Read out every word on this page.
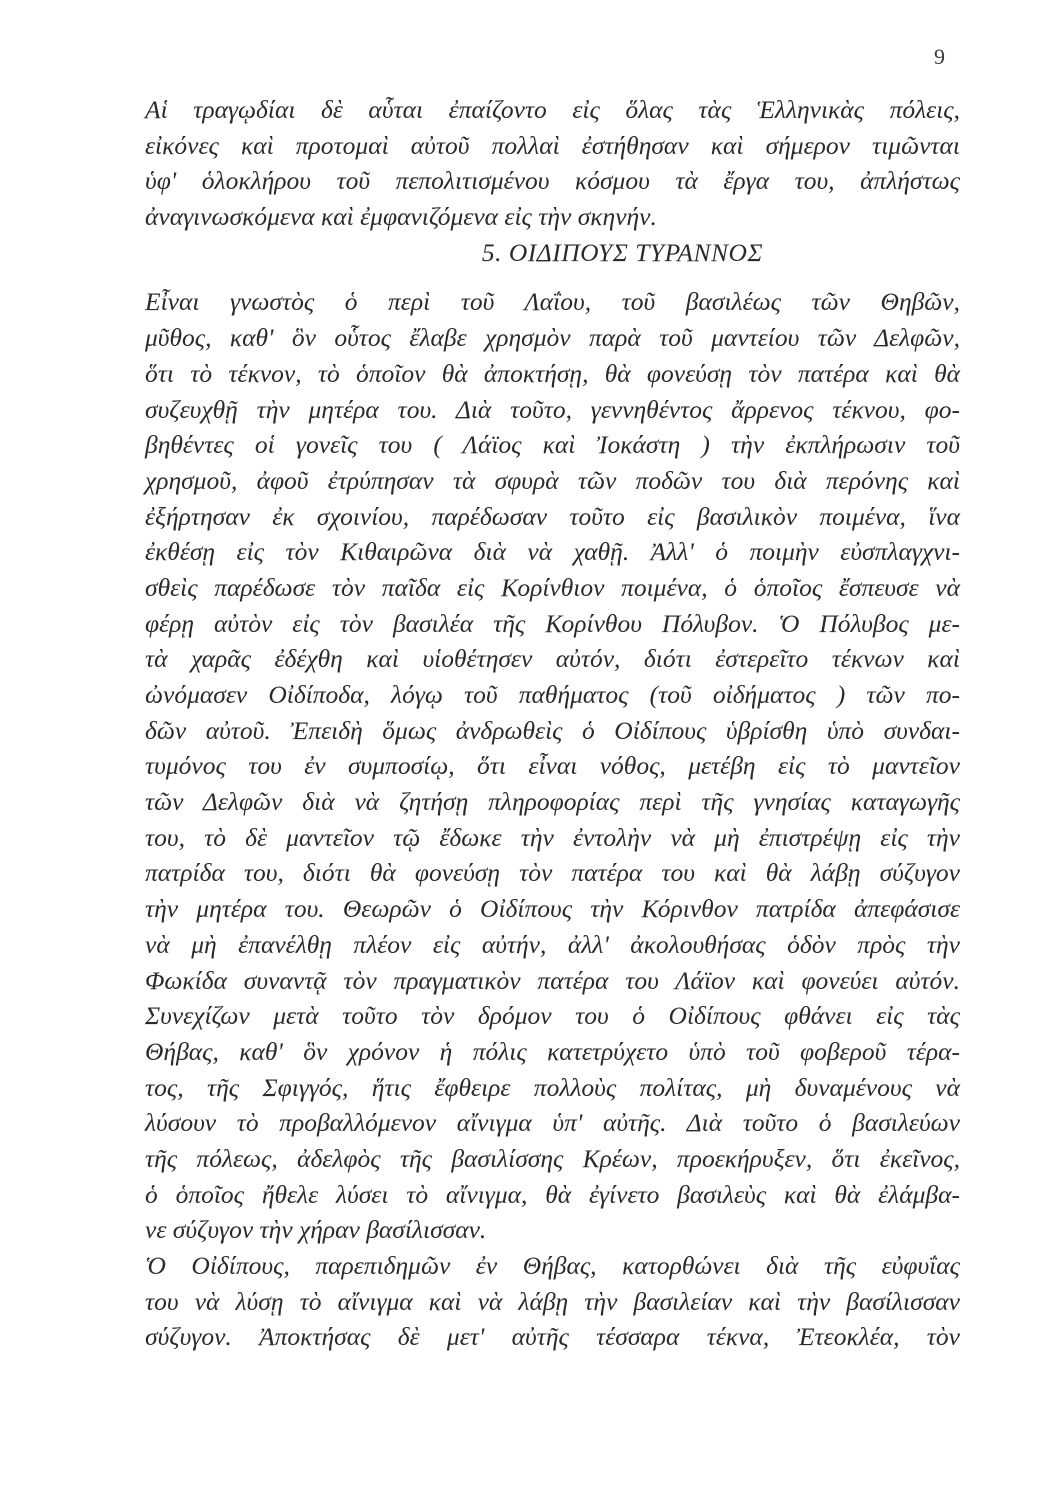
9
Αἱ τραγῳδίαι δὲ αὗται ἐπαίζοντο εἰς ὅλας τὰς Ἑλληνικὰς πόλεις,
εἰκόνες καὶ προτομαὶ αὐτοῦ πολλαὶ ἐστήθησαν καὶ σήμερον τιμῶνται
ὑφ' ὁλοκλήρου τοῦ πεπολιτισμένου κόσμου τὰ ἔργα του, ἀπλήστως
ἀναγινωσκόμενα καὶ ἐμφανιζόμενα εἰς τὴν σκηνήν.
5. ΟΙΔΙΠΟΥΣ ΤΥΡΑΝΝΟΣ
Εἶναι γνωστὸς ὁ περὶ τοῦ Λαΐου, τοῦ βασιλέως τῶν Θηβῶν,
μῦθος, καθ' ὃν οὗτος ἔλαβε χρησμὸν παρὰ τοῦ μαντείου τῶν Δελφῶν,
ὅτι τὸ τέκνον, τὸ ὁποῖον θὰ ἀποκτήσῃ, θὰ φονεύσῃ τὸν πατέρα καὶ θὰ
συζευχθῇ τὴν μητέρα του. Διὰ τοῦτο, γεννηθέντος ἄρρενος τέκνου, φο-
βηθέντες οἱ γονεῖς του ( Λάϊος καὶ Ἰοκάστη ) τὴν ἐκπλήρωσιν τοῦ
χρησμοῦ, ἀφοῦ ἐτρύπησαν τὰ σφυρὰ τῶν ποδῶν του διὰ περόνης καὶ
ἐξήρτησαν ἐκ σχοινίου, παρέδωσαν τοῦτο εἰς βασιλικὸν ποιμένα, ἵνα
ἐκθέσῃ εἰς τὸν Κιθαιρῶνα διὰ νὰ χαθῇ. Ἀλλ' ὁ ποιμὴν εὐσπλαγχνι-
σθεὶς παρέδωσε τὸν παῖδα εἰς Κορίνθιον ποιμένα, ὁ ὁποῖος ἔσπευσε νὰ
φέρῃ αὐτὸν εἰς τὸν βασιλέα τῆς Κορίνθου Πόλυβον. Ὁ Πόλυβος με-
τὰ χαρᾶς ἐδέχθη καὶ υἱοθέτησεν αὐτόν, διότι ἐστερεῖτο τέκνων καὶ
ὠνόμασεν Οἰδίποδα, λόγῳ τοῦ παθήματος (τοῦ οἰδήματος ) τῶν πο-
δῶν αὐτοῦ. Ἐπειδὴ ὅμως ἀνδρωθεὶς ὁ Οἰδίπους ὑβρίσθη ὑπὸ συνδαι-
τυμόνος του ἐν συμποσίῳ, ὅτι εἶναι νόθος, μετέβη εἰς τὸ μαντεῖον
τῶν Δελφῶν διὰ νὰ ζητήσῃ πληροφορίας περὶ τῆς γνησίας καταγωγῆς
του, τὸ δὲ μαντεῖον τῷ ἔδωκε τὴν ἐντολὴν νὰ μὴ ἐπιστρέψῃ εἰς τὴν
πατρίδα του, διότι θὰ φονεύσῃ τὸν πατέρα του καὶ θὰ λάβῃ σύζυγον
τὴν μητέρα του. Θεωρῶν ὁ Οἰδίπους τὴν Κόρινθον πατρίδα ἀπεφάσισε
νὰ μὴ ἐπανέλθῃ πλέον εἰς αὐτήν, ἀλλ' ἀκολουθήσας ὁδὸν πρὸς τὴν
Φωκίδα συναντᾷ τὸν πραγματικὸν πατέρα του Λάϊον καὶ φονεύει αὐτόν.
Συνεχίζων μετὰ τοῦτο τὸν δρόμον του ὁ Οἰδίπους φθάνει εἰς τὰς
Θήβας, καθ' ὃν χρόνον ἡ πόλις κατετρύχετο ὑπὸ τοῦ φοβεροῦ τέρα-
τος, τῆς Σφιγγός, ἥτις ἔφθειρε πολλοὺς πολίτας, μὴ δυναμένους νὰ
λύσουν τὸ προβαλλόμενον αἴνιγμα ὑπ' αὐτῆς. Διὰ τοῦτο ὁ βασιλεύων
τῆς πόλεως, ἀδελφὸς τῆς βασιλίσσης Κρέων, προεκήρυξεν, ὅτι ἐκεῖνος,
ὁ ὁποῖος ἤθελε λύσει τὸ αἴνιγμα, θὰ ἐγίνετο βασιλεὺς καὶ θὰ ἐλάμβα-
νε σύζυγον τὴν χήραν βασίλισσαν.
Ὁ Οἰδίπους, παρεπιδημῶν ἐν Θήβας, κατορθώνει διὰ τῆς εὐφυΐας
του νὰ λύσῃ τὸ αἴνιγμα καὶ νὰ λάβῃ τὴν βασιλείαν καὶ τὴν βασίλισσαν
σύζυγον. Ἀποκτήσας δὲ μετ' αὐτῆς τέσσαρα τέκνα, Ἐτεοκλέα, τὸν
